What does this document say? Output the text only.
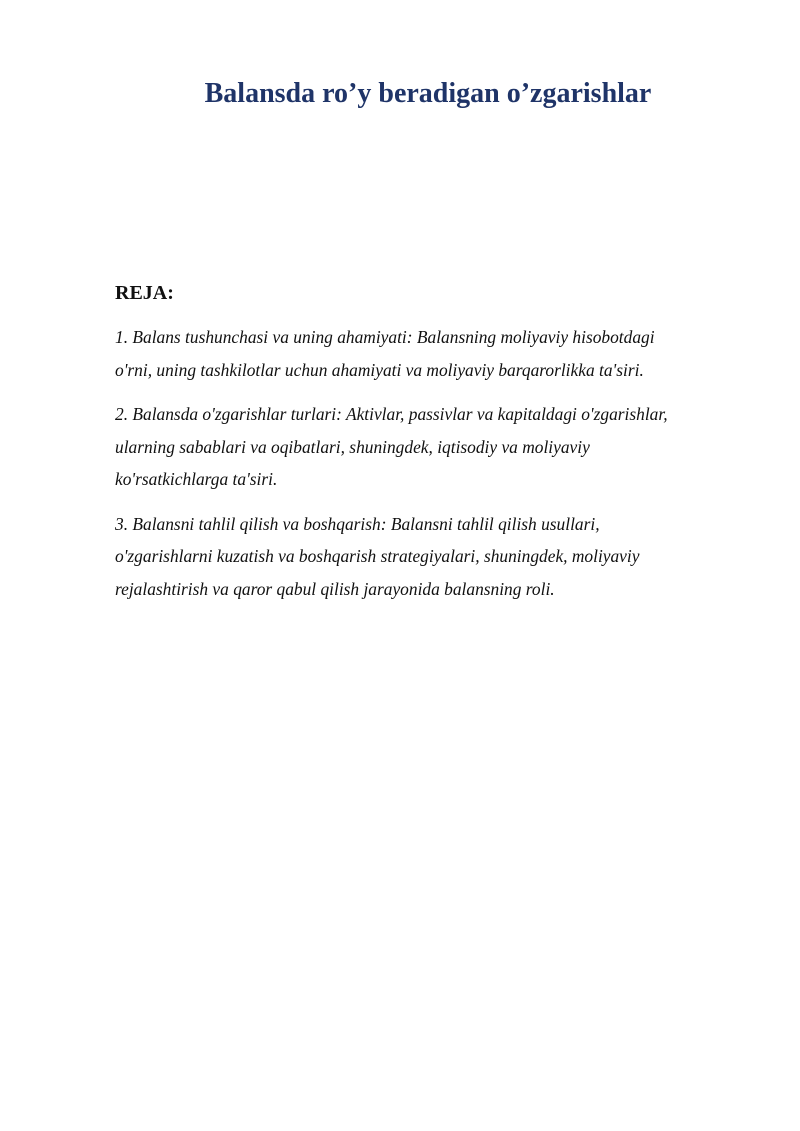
Balansda ro’y beradigan o’zgarishlar
REJA:
1. Balans tushunchasi va uning ahamiyati: Balansning moliyaviy hisobotdagi
o'rni, uning tashkilotlar uchun ahamiyati va moliyaviy barqarorlikka ta'siri.
2. Balansda o'zgarishlar turlari: Aktivlar, passivlar va kapitaldagi o'zgarishlar,
ularning sabablari va oqibatlari, shuningdek, iqtisodiy va moliyaviy
ko'rsatkichlarga ta'siri.
3. Balansni tahlil qilish va boshqarish: Balansni tahlil qilish usullari,
o'zgarishlarni kuzatish va boshqarish strategiyalari, shuningdek, moliyaviy
rejalashtirish va qaror qabul qilish jarayonida balansning roli.
